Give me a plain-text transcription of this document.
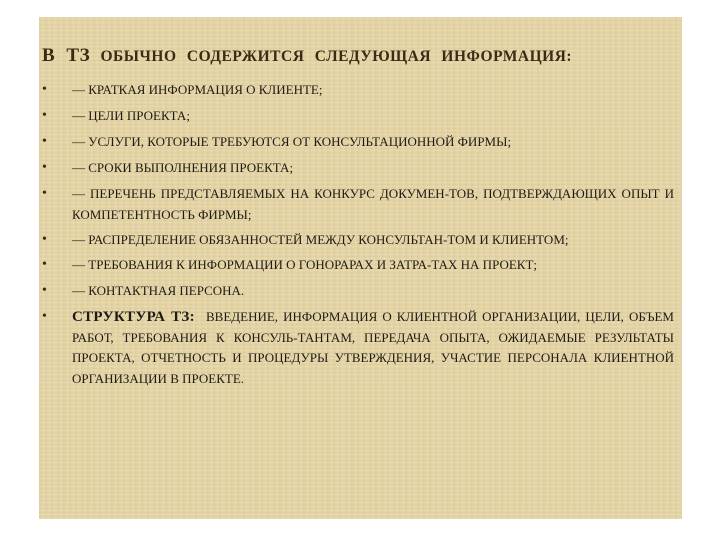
В ТЗ ОБЫЧНО СОДЕРЖИТСЯ СЛЕДУЮЩАЯ ИНФОРМАЦИЯ:
• — КРАТКАЯ ИНФОРМАЦИЯ О КЛИЕНТЕ;
• — ЦЕЛИ ПРОЕКТА;
• — УСЛУГИ, КОТОРЫЕ ТРЕБУЮТСЯ ОТ КОНСУЛЬТАЦИОННОЙ ФИРМЫ;
• — СРОКИ ВЫПОЛНЕНИЯ ПРОЕКТА;
• — ПЕРЕЧЕНЬ ПРЕДСТАВЛЯЕМЫХ НА КОНКУРС ДОКУМЕН-ТОВ, ПОДТВЕРЖДАЮЩИХ ОПЫТ И КОМПЕТЕНТНОСТЬ ФИРМЫ;
• — РАСПРЕДЕЛЕНИЕ ОБЯЗАННОСТЕЙ МЕЖДУ КОНСУЛЬТАН-ТОМ И КЛИЕНТОМ;
• — ТРЕБОВАНИЯ К ИНФОРМАЦИИ О ГОНОРАРАХ И ЗАТРА-ТАХ НА ПРОЕКТ;
• — КОНТАКТНАЯ ПЕРСОНА.
• СТРУКТУРА ТЗ: ВВЕДЕНИЕ, ИНФОРМАЦИЯ О КЛИЕНТНОЙ ОРГАНИЗАЦИИ, ЦЕЛИ, ОБЪЕМ РАБОТ, ТРЕБОВАНИЯ К КОНСУЛЬ-ТАНТАМ, ПЕРЕДАЧА ОПЫТА, ОЖИДАЕМЫЕ РЕЗУЛЬТАТЫ ПРОЕКТА, ОТЧЕТНОСТЬ И ПРОЦЕДУРЫ УТВЕРЖДЕНИЯ, УЧАСТИЕ ПЕРСОНАЛА КЛИЕНТНОЙ ОРГАНИЗАЦИИ В ПРОЕКТЕ.
